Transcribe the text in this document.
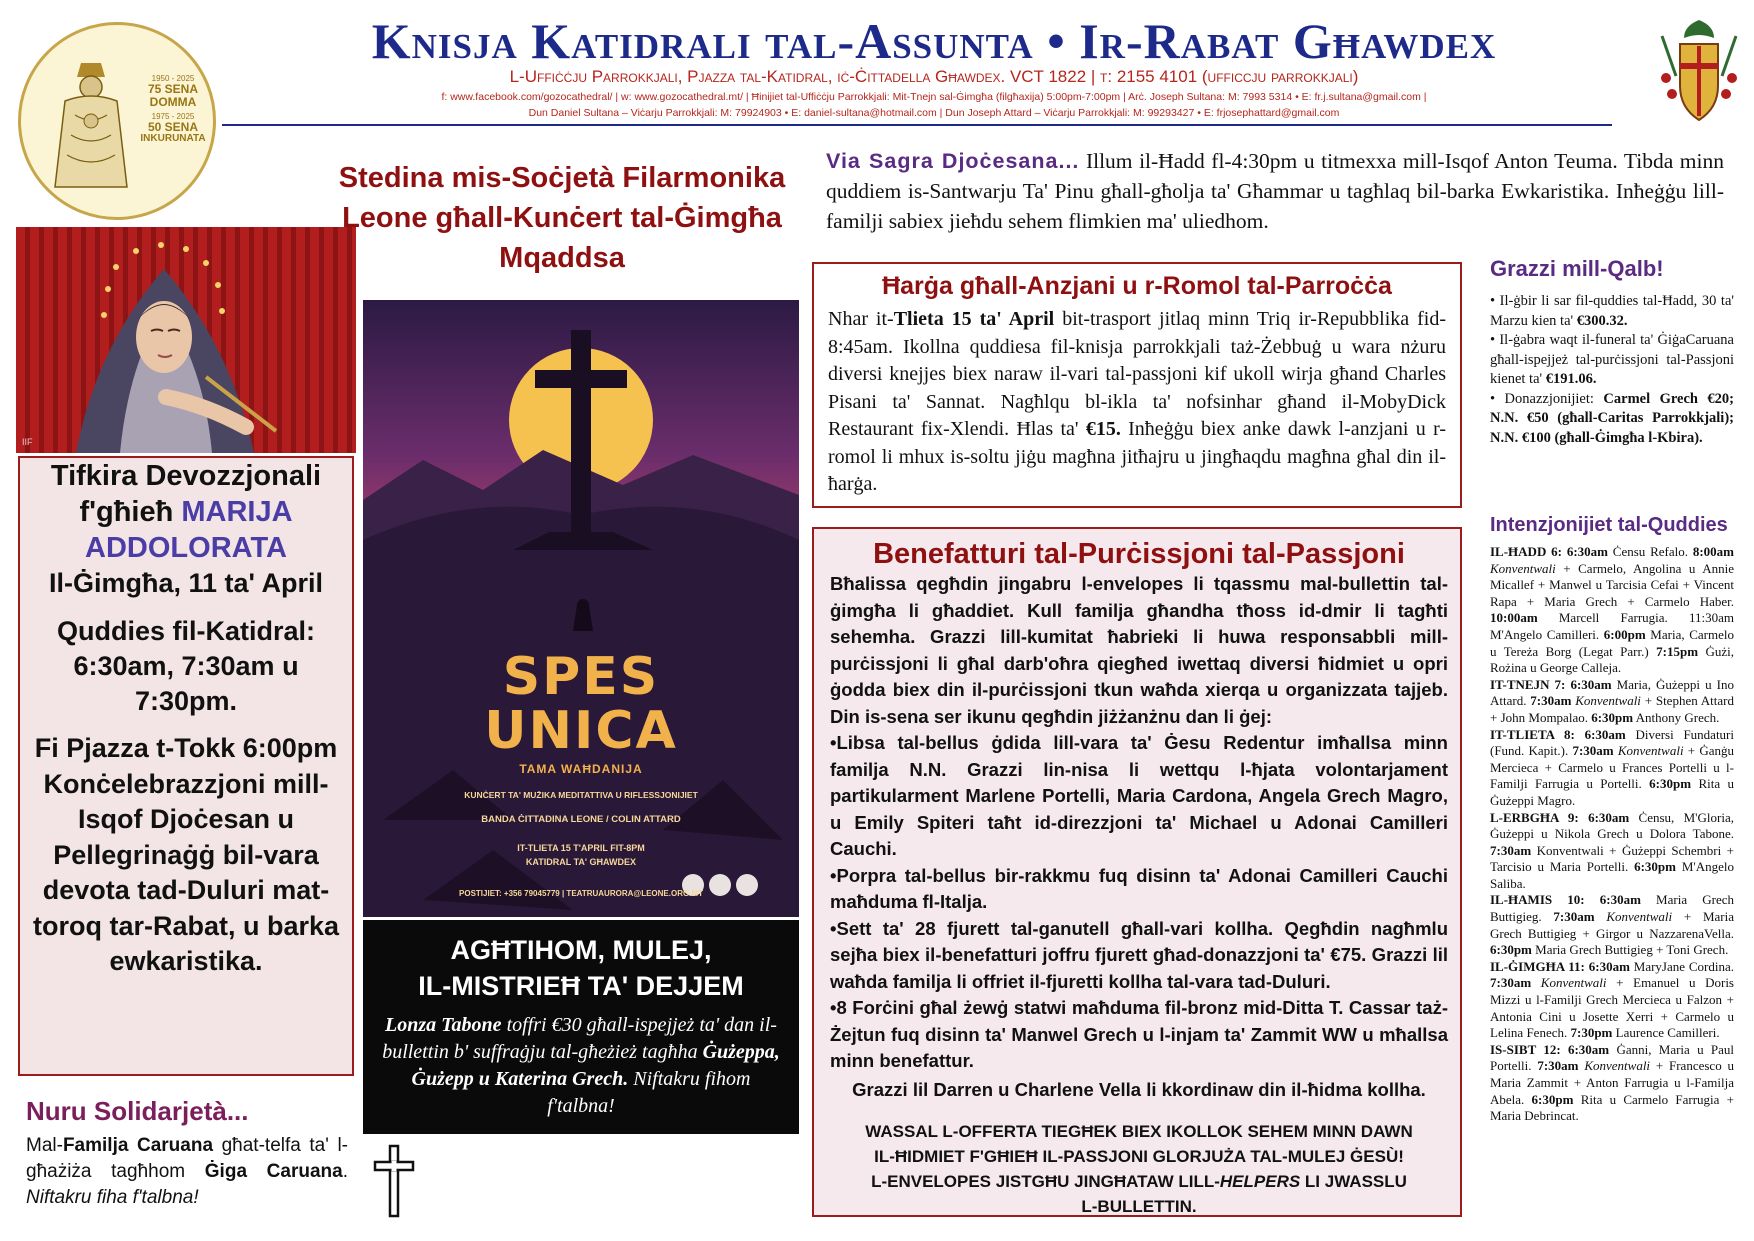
1950 - 2025
75 SENA
DOMMA
1975 - 2025
50 SENA
INKURUNATA
Knisja Katidrali tal-Assunta • Ir-Rabat Għawdex
L-Uffiċċju Parrokkjali, Pjazza tal-Katidral, iċ-Ċittadella Għawdex. VCT 1822 | t: 2155 4101 (ufficcju parrokkjali)
f: www.facebook.com/gozocathedral/ | w: www.gozocathedral.mt/ | Ħinijiet tal-Uffiċċju Parrokkjali: Mit-Tnejn sal-Ġimgħa (filgħaxija) 5:00pm-7:00pm | Arċ. Joseph Sultana: M: 7993 5314 • E: fr.j.sultana@gmail.com |
Dun Daniel Sultana – Viċarju Parrokkjali: M: 79924903 • E: daniel-sultana@hotmail.com | Dun Joseph Attard – Viċarju Parrokkjali: M: 99293427 • E: frjosephattard@gmail.com
IIF

Tifkira Devozzjonali f'għieħ MARIJA ADDOLORATA

Il-Ġimgħa, 11 ta' April

Quddies fil-Katidral: 6:30am, 7:30am u 7:30pm.

Fi Pjazza t-Tokk 6:00pm Konċelebrazzjoni mill-Isqof Djoċesan u Pellegrinaġġ bil-vara devota tad-Duluri mat-toroq tar-Rabat, u barka ewkaristika.

Nuru Solidarjetà...
Mal-Familja Caruana għat-telfa ta' l-għażiża tagħhom Ġiga Caruana. Niftakru fiha f'talbna!
Stedina mis-Soċjetà Filarmonika Leone għall-Kunċert tal-Ġimgħa Mqaddsa
SPES
UNICA
TAMA WAĦDANIJA
KUNĊERT TA' MUŻIKA MEDITATTIVA U RIFLESSJONIJIET
BANDA ĊITTADINA LEONE / COLIN ATTARD
IT-TLIETA 15 T'APRIL FIT-8PM
KATIDRAL TA' GĦAWDEX
POSTIJIET: +356 79045779 | TEATRUAURORA@LEONE.ORG.MT
AGĦTIHOM, MULEJ,
IL-MISTRIEĦ TA' DEJJEM
Lonza Tabone toffri €30 għall-ispejjeż ta' dan il-bullettin b' suffraġju tal-għeżież tagħha Ġużeppa, Ġużepp u Katerina Grech. Niftakru fihom f'talbna!
Via Sagra Djoċesana... Illum il-Ħadd fl-4:30pm u titmexxa mill-Isqof Anton Teuma. Tibda minn quddiem is-Santwarju Ta' Pinu għall-għolja ta' Għammar u tagħlaq bil-barka Ewkaristika. Inħeġġu lill-familji sabiex jieħdu sehem flimkien ma' uliedhom.
Ħarġa għall-Anzjani u r-Romol tal-Parroċċa
Nhar it-Tlieta 15 ta' April bit-trasport jitlaq minn Triq ir-Repubblika fid-8:45am. Ikollna quddiesa fil-knisja parrokkjali taż-Żebbuġ u wara nżuru diversi knejjes biex naraw il-vari tal-passjoni kif ukoll wirja għand Charles Pisani ta' Sannat. Nagħlqu bl-ikla ta' nofsinhar għand il-MobyDick Restaurant fix-Xlendi. Ħlas ta' €15. Inħeġġu biex anke dawk l-anzjani u r-romol li mhux is-soltu jiġu magħna jitħajru u jingħaqdu magħna għal din il-ħarġa.
Benefatturi tal-Purċissjoni tal-Passjoni

Bħalissa qegħdin jingabru l-envelopes li tqassmu mal-bullettin tal-ġimgħa li għaddiet. Kull familja għandha tħoss id-dmir li tagħti sehemha. Grazzi lill-kumitat ħabrieki li huwa responsabbli mill-purċissjoni li għal darb'oħra qiegħed iwettaq diversi ħidmiet u opri ġodda biex din il-purċissjoni tkun waħda xierqa u organizzata tajjeb. Din is-sena ser ikunu qegħdin jiżżanżnu dan li ġej:

•Libsa tal-bellus ġdida lill-vara ta' Ġesu Redentur imħallsa minn familja N.N. Grazzi lin-nisa li wettqu l-ħjata volontarjament partikularment Marlene Portelli, Maria Cardona, Angela Grech Magro, u Emily Spiteri taħt id-direzzjoni ta' Michael u Adonai Camilleri Cauchi.

•Porpra tal-bellus bir-rakkmu fuq disinn ta' Adonai Camilleri Cauchi maħduma fl-Italja.

•Sett ta' 28 fjurett tal-ganutell għall-vari kollha. Qegħdin nagħmlu sejħa biex il-benefatturi joffru fjurett għad-donazzjoni ta' €75. Grazzi lil waħda familja li offriet il-fjuretti kollha tal-vara tad-Duluri.

•8 Forċini għal żewġ statwi maħduma fil-bronz mid-Ditta T. Cassar taż-Żejtun fuq disinn ta' Manwel Grech u l-injam ta' Zammit WW u mħallsa minn benefattur.

Grazzi lil Darren u Charlene Vella li kkordinaw din il-ħidma kollha.
WASSAL L-OFFERTA TIEGĦEK BIEX IKOLLOK SEHEM MINN DAWN
IL-ĦIDMIET F'GĦIEĦ IL-PASSJONI GLORJUŻA TAL-MULEJ ĠESÙ!
L-ENVELOPES JISTGĦU JINGĦATAW LILL-HELPERS LI JWASSLU
L-BULLETTIN.
Grazzi mill-Qalb!

• Il-ġbir li sar fil-quddies tal-Ħadd, 30 ta' Marzu kien ta' €300.32.

• Il-ġabra waqt il-funeral ta' ĠiġaCaruana għall-ispejjeż tal-purċissjoni tal-Passjoni kienet ta' €191.06.

• Donazzjonijiet: Carmel Grech €20; N.N. €50 (għall-Caritas Parrokkjali); N.N. €100 (għall-Ġimgħa l-Kbira).

Intenzjonijiet tal-Quddies

IL-ĦADD 6: 6:30am Ċensu Refalo. 8:00am Konventwali + Carmelo, Angolina u Annie Micallef + Manwel u Tarcisia Cefai + Vincent Rapa + Maria Grech + Carmelo Haber. 10:00am Marcell Farrugia. 11:30am M'Angelo Camilleri. 6:00pm Maria, Carmelo u Tereża Borg (Legat Parr.) 7:15pm Ġużi, Rożina u George Calleja.

IT-TNEJN 7: 6:30am Maria, Ġużeppi u Ino Attard. 7:30am Konventwali + Stephen Attard + John Mompalao. 6:30pm Anthony Grech.

IT-TLIETA 8: 6:30am Diversi Fundaturi (Fund. Kapit.). 7:30am Konventwali + Ġanġu Mercieca + Carmelo u Frances Portelli u l-Familji Farrugia u Portelli. 6:30pm Rita u Ġużeppi Magro.

L-ERBGĦA 9: 6:30am Ċensu, M'Gloria, Ġużeppi u Nikola Grech u Dolora Tabone. 7:30am Konventwali + Ġużeppi Schembri + Tarcisio u Maria Portelli. 6:30pm M'Angelo Saliba.

IL-ĦAMIS 10: 6:30am Maria Grech Buttigieg. 7:30am Konventwali + Maria Grech Buttigieg + Girgor u NazzarenaVella. 6:30pm Maria Grech Buttigieg + Toni Grech.

IL-ĠIMGĦA 11: 6:30am MaryJane Cordina. 7:30am Konventwali + Emanuel u Doris Mizzi u l-Familji Grech Mercieca u Falzon + Antonia Cini u Josette Xerri + Carmelo u Lelina Fenech. 7:30pm Laurence Camilleri.

IS-SIBT 12: 6:30am Ġanni, Maria u Paul Portelli. 7:30am Konventwali + Francesco u Maria Zammit + Anton Farrugia u l-Familja Abela. 6:30pm Rita u Carmelo Farrugia + Maria Debrincat.
